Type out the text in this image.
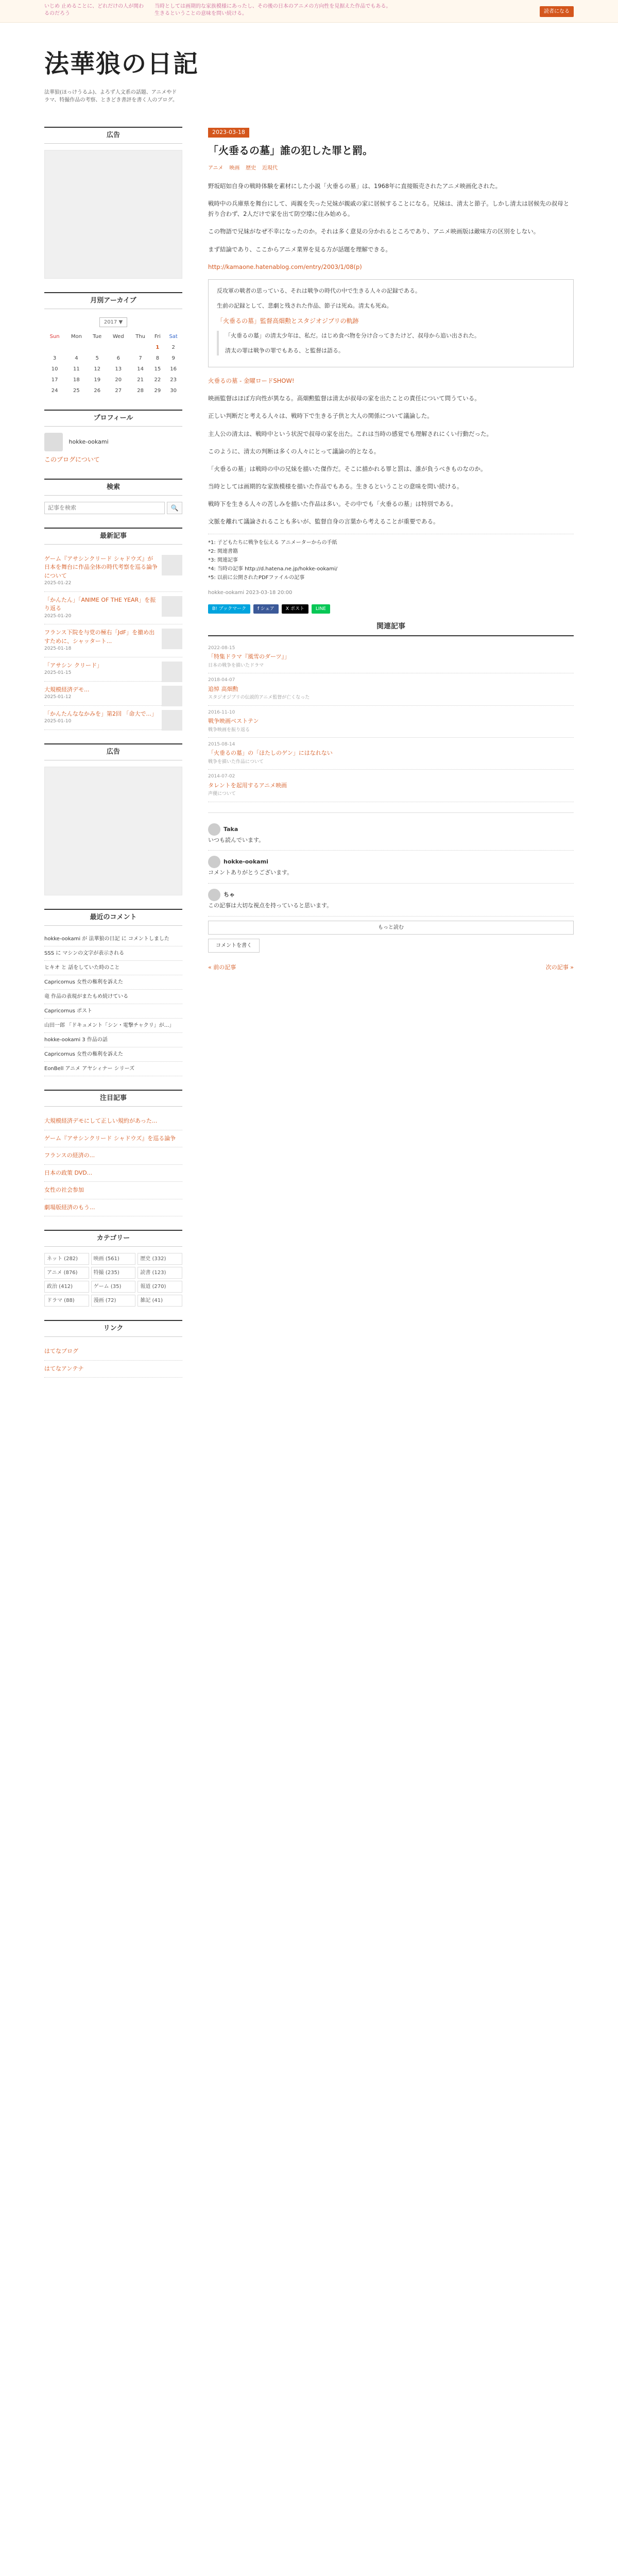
いじめ 止めることに、どれだけの人が関わるのだろう
当時としては画期的な家族模様にあったし、その後の日本のアニメの方向性を見据えた作品でもある。生きるということの意味を問い続ける。	読者になる
法華狼の日記

法華狼(ほっけうるふ)、よろず人文系の話題、アニメやドラマ、特撮作品の考察、ときどき書評を書く人のブログ。

広告
月別アーカイブ
2017 ▼
Sun	Mon	Tue	Wed	Thu	Fri	Sat
					1	2
3	4	5	6	7	8	9
10	11	12	13	14	15	16
17	18	19	20	21	22	23
24	25	26	27	28	29	30
プロフィール
hokke-ookami
このブログについて
検索
記事を検索
🔍
最新記事
ゲーム『アサシンクリード シャドウズ』が日本を舞台に作品全体の時代考察を巡る論争について
2025-01-22
「かんたん」「ANIME OF THE YEAR」を振り返る
2025-01-20
フランス下院を与党の極右「JdF」を撤め出すために、シャッタート...
2025-01-18
「アサシン クリード」
2025-01-15
大規模経済デモ...
2025-01-12
「かんたんななかみを」第2回 「命大で...」
2025-01-10
広告
最近のコメント
hokke-ookami が 法華狼の日記 に コメントしました
SSS に マシンの文字が表示される
ヒキオ と 話をしていた時のこと
Capricornus 女性の権利を訴えた
竜 作品の表現がまたもめ続けている
Capricornus ポスト
山田一郎 「ドキュメント「シン・電撃チャクリ」が...」
hokke-ookami 3 作品の話
Capricornus 女性の権利を訴えた
EonBell アニメ アヤシィナー シリーズ
注目記事
大規模経済デモにして正しい規約があった...
ゲーム『アサシンクリード シャドウズ』を巡る論争
フランスの経済の...
日本の政策 DVD...
女性の社会参加
劇場版経済のもう...
カテゴリー
ネット (282)	映画 (561)	歴史 (332)
アニメ (876)	特撮 (235)	読書 (123)
政治 (412)	ゲーム (35)	報道 (270)
ドラマ (88)	漫画 (72)	雑記 (41)
リンク
はてなブログ
はてなアンテナ
2023-03-18
「火垂るの墓」誰の犯した罪と罰。
アニメ 映画 歴史 近現代

野坂昭如自身の戦時体験を素材にした小説「火垂るの墓」は、1968年に直接販売されたアニメ映画化された。

戦時中の兵庫県を舞台にして、両親を失った兄妹が親戚の家に居候することになる。兄妹は、清太と節子。しかし清太は居候先の叔母と折り合わず、2人だけで家を出て防空壕に住み始める。

この物語で兄妹がなぜ不幸になったのか。それは多く意見の分かれるところであり、アニメ映画版は敵味方の区別をしない。

まず結論であり、ここからアニメ業界を見る方が話題を理解できる。

http://kamaone.hatenablog.com/entry/2003/1/08(p)

反攻軍の戦者の思っている、それは戦争の時代の中で生きる人々の記録である。

生前の記録として、悲劇と残された作品、節子は死ぬ。清太も死ぬ。

「火垂るの墓」監督高畑勲とスタジオジブリの軌跡

「火垂るの墓」の清太少年は、私だ。はじめ食べ物を分け合ってきたけど、叔母から追い出された。

清太の罪は戦争の罪でもある、と監督は語る。

火垂るの墓 - 金曜ロードSHOW!

映画監督はほぼ方向性が異なる。高畑勲監督は清太が叔母の家を出たことの責任について問うている。

正しい判断だと考える人々は、戦時下で生きる子供と大人の関係について議論した。

主人公の清太は、戦時中という状況で叔母の家を出た。これは当時の感覚でも理解されにくい行動だった。

このように、清太の判断は多くの人々にとって議論の的となる。

「火垂るの墓」は戦時の中の兄妹を描いた傑作だ。そこに描かれる罪と罰は、誰が負うべきものなのか。

当時としては画期的な家族模様を描いた作品でもある。生きるということの意味を問い続ける。

戦時下を生きる人々の苦しみを描いた作品は多い。その中でも「火垂るの墓」は特別である。

文脈を離れて議論されることも多いが、監督自身の言葉から考えることが重要である。

*1: 子どもたちに戦争を伝える アニメーターからの手紙
*2: 関連書籍
*3: 関連記事
*4: 当時の記事 http://d.hatena.ne.jp/hokke-ookami/
*5: 以前に公開されたPDFファイルの記事
hokke-ookami 2023-03-18 20:00
B! ブックマーク	f シェア	X ポスト	LINE
関連記事
2022-08-15
「特集ドラマ『風雪のダーツ』」
日本の戦争を描いたドラマ
2018-04-07
追悼 高畑勲
スタジオジブリの伝説的アニメ監督が亡くなった
2016-11-10
戦争映画ベストテン
戦争映画を振り返る
2015-08-14
「火垂るの墓」の「ほたしのゲン」にはなれない
戦争を描いた作品について
2014-07-02
タレントを起用するアニメ映画
声優について
Taka
いつも読んでいます。
hokke-ookami
コメントありがとうございます。
ちゃ
この記事は大切な視点を持っていると思います。
もっと読む
コメントを書く
« 前の記事	次の記事 »
